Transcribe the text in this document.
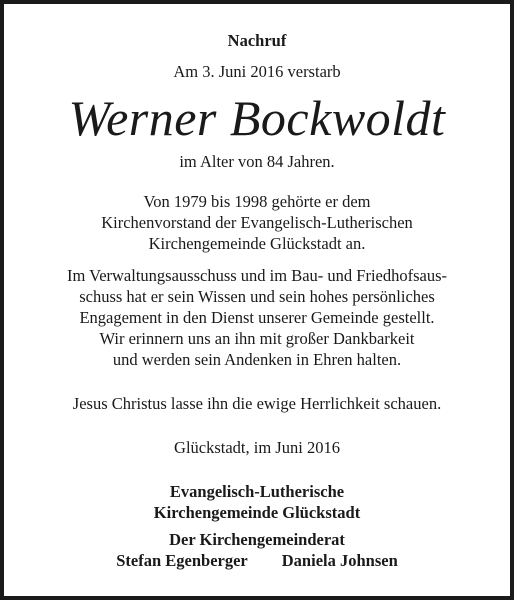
Nachruf
Am 3. Juni 2016 verstarb
Werner Bockwoldt
im Alter von 84 Jahren.
Von 1979 bis 1998 gehörte er dem
Kirchenvorstand der Evangelisch-Lutherischen
Kirchengemeinde Glückstadt an.
Im Verwaltungsausschuss und im Bau- und Friedhofsaus-
schuss hat er sein Wissen und sein hohes persönliches
Engagement in den Dienst unserer Gemeinde gestellt.
Wir erinnern uns an ihn mit großer Dankbarkeit
und werden sein Andenken in Ehren halten.
Jesus Christus lasse ihn die ewige Herrlichkeit schauen.
Glückstadt, im Juni 2016
Evangelisch-Lutherische
Kirchengemeinde Glückstadt
Der Kirchengemeinderat
Stefan Egenberger Daniela Johnsen
